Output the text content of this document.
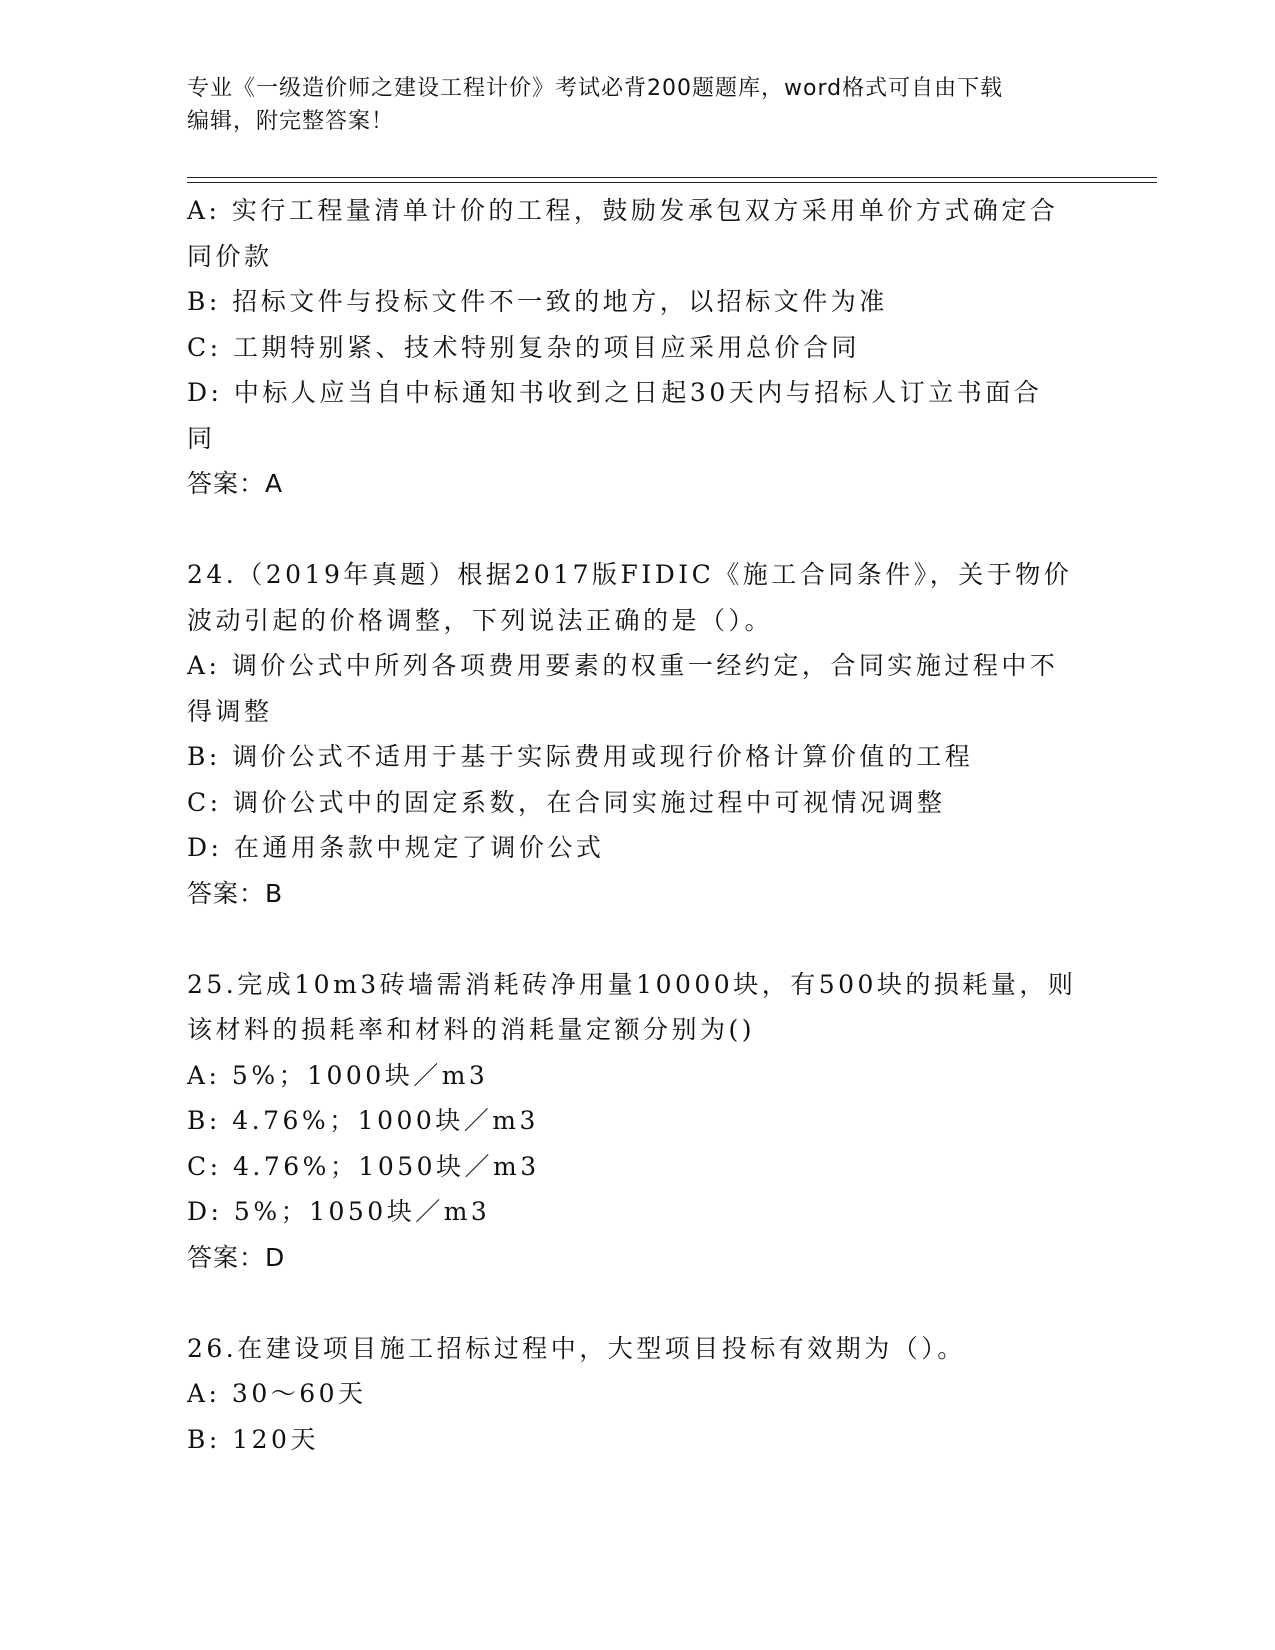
专业《一级造价师之建设工程计价》考试必背200题题库，word格式可自由下载
编辑，附完整答案！
A: 实行工程量清单计价的工程，鼓励发承包双方采用单价方式确定合
同价款
B: 招标文件与投标文件不一致的地方，以招标文件为准
C: 工期特别紧、技术特别复杂的项目应采用总价合同
D: 中标人应当自中标通知书收到之日起30天内与招标人订立书面合
同
答案：A
24.（2019年真题）根据2017版FIDIC《施工合同条件》，关于物价
波动引起的价格调整，下列说法正确的是（）。
A: 调价公式中所列各项费用要素的权重一经约定，合同实施过程中不
得调整
B: 调价公式不适用于基于实际费用或现行价格计算价值的工程
C: 调价公式中的固定系数，在合同实施过程中可视情况调整
D: 在通用条款中规定了调价公式
答案：B
25.完成10m3砖墙需消耗砖净用量10000块，有500块的损耗量，则
该材料的损耗率和材料的消耗量定额分别为()
A: 5%；1000块／m3
B: 4.76%；1000块／m3
C: 4.76%；1050块／m3
D: 5%；1050块／m3
答案：D
26.在建设项目施工招标过程中，大型项目投标有效期为（）。
A: 30～60天
B: 120天
